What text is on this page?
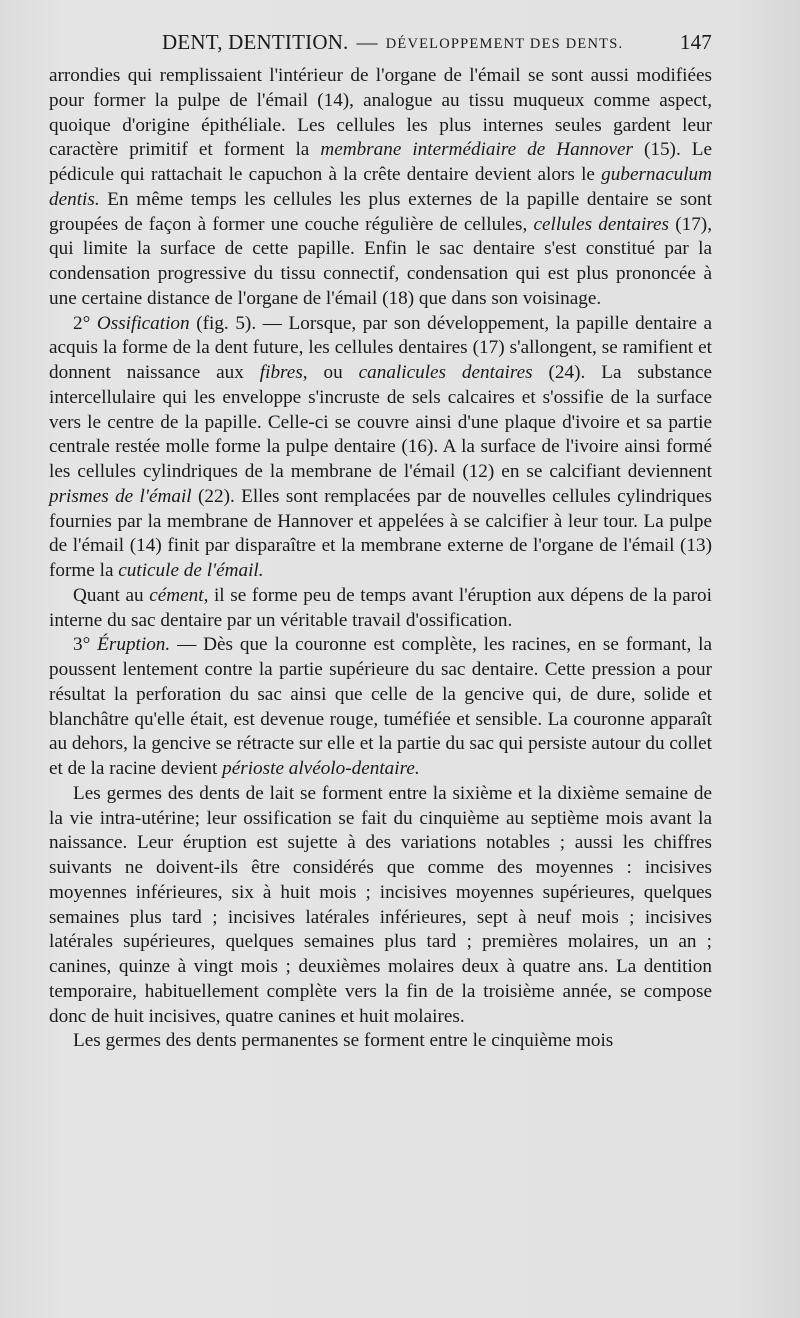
DENT, DENTITION. — DÉVELOPPEMENT DES DENTS.	147

arrondies qui remplissaient l'intérieur de l'organe de l'émail se sont aussi modifiées pour former la pulpe de l'émail (14), analogue au tissu muqueux comme aspect, quoique d'origine épithéliale. Les cellules les plus internes seules gardent leur caractère primitif et forment la membrane intermédiaire de Hannover (15). Le pédicule qui rattachait le capuchon à la crête dentaire devient alors le gubernaculum dentis. En même temps les cellules les plus externes de la papille dentaire se sont groupées de façon à former une couche régulière de cellules, cellules dentaires (17), qui limite la surface de cette papille. Enfin le sac dentaire s'est constitué par la condensation progressive du tissu connectif, condensation qui est plus prononcée à une certaine distance de l'organe de l'émail (18) que dans son voisinage.

2° Ossification (fig. 5). — Lorsque, par son développement, la papille dentaire a acquis la forme de la dent future, les cellules dentaires (17) s'allongent, se ramifient et donnent naissance aux fibres, ou canalicules dentaires (24). La substance intercellulaire qui les enveloppe s'incruste de sels calcaires et s'ossifie de la surface vers le centre de la papille. Celle-ci se couvre ainsi d'une plaque d'ivoire et sa partie centrale restée molle forme la pulpe dentaire (16). A la surface de l'ivoire ainsi formé les cellules cylindriques de la membrane de l'émail (12) en se calcifiant deviennent prismes de l'émail (22). Elles sont remplacées par de nouvelles cellules cylindriques fournies par la membrane de Hannover et appelées à se calcifier à leur tour. La pulpe de l'émail (14) finit par disparaître et la membrane externe de l'organe de l'émail (13) forme la cuticule de l'émail.

Quant au cément, il se forme peu de temps avant l'éruption aux dépens de la paroi interne du sac dentaire par un véritable travail d'ossification.

3° Éruption. — Dès que la couronne est complète, les racines, en se formant, la poussent lentement contre la partie supérieure du sac dentaire. Cette pression a pour résultat la perforation du sac ainsi que celle de la gencive qui, de dure, solide et blanchâtre qu'elle était, est devenue rouge, tuméfiée et sensible. La couronne apparaît au dehors, la gencive se rétracte sur elle et la partie du sac qui persiste autour du collet et de la racine devient périoste alvéolo-dentaire.

Les germes des dents de lait se forment entre la sixième et la dixième semaine de la vie intra-utérine; leur ossification se fait du cinquième au septième mois avant la naissance. Leur éruption est sujette à des variations notables ; aussi les chiffres suivants ne doivent-ils être considérés que comme des moyennes : incisives moyennes inférieures, six à huit mois ; incisives moyennes supérieures, quelques semaines plus tard ; incisives latérales inférieures, sept à neuf mois ; incisives latérales supérieures, quelques semaines plus tard ; premières molaires, un an ; canines, quinze à vingt mois ; deuxièmes molaires deux à quatre ans. La dentition temporaire, habituellement complète vers la fin de la troisième année, se compose donc de huit incisives, quatre canines et huit molaires.

Les germes des dents permanentes se forment entre le cinquième mois
